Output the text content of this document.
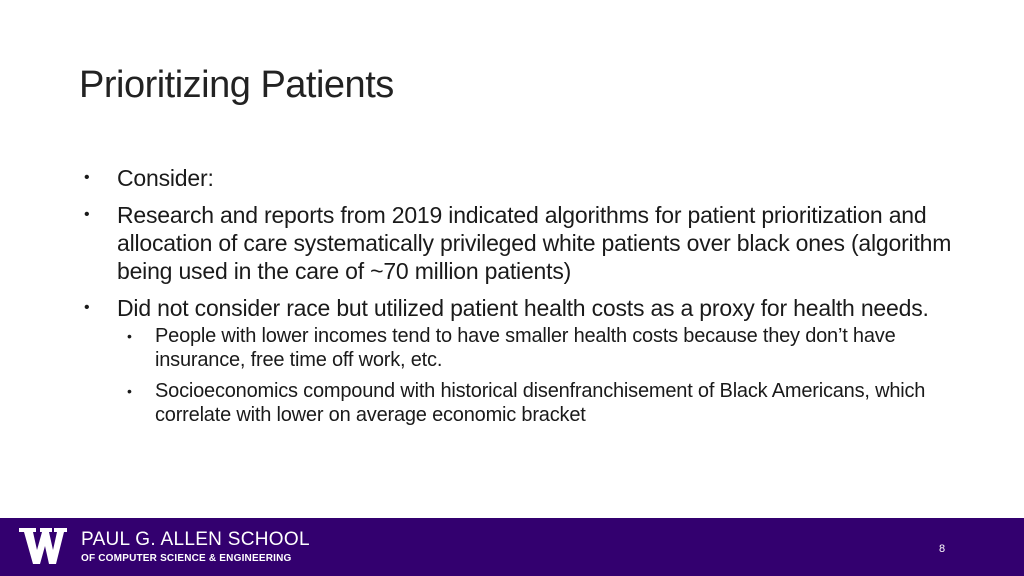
Prioritizing Patients
• Consider:
• Research and reports from 2019 indicated algorithms for patient prioritization and allocation of care systematically privileged white patients over black ones (algorithm being used in the care of ~70 million patients)
• Did not consider race but utilized patient health costs as a proxy for health needs.
• People with lower incomes tend to have smaller health costs because they don’t have insurance, free time off work, etc.
• Socioeconomics compound with historical disenfranchisement of Black Americans, which correlate with lower on average economic bracket
PAUL G. ALLEN SCHOOL
OF COMPUTER SCIENCE & ENGINEERING
8
